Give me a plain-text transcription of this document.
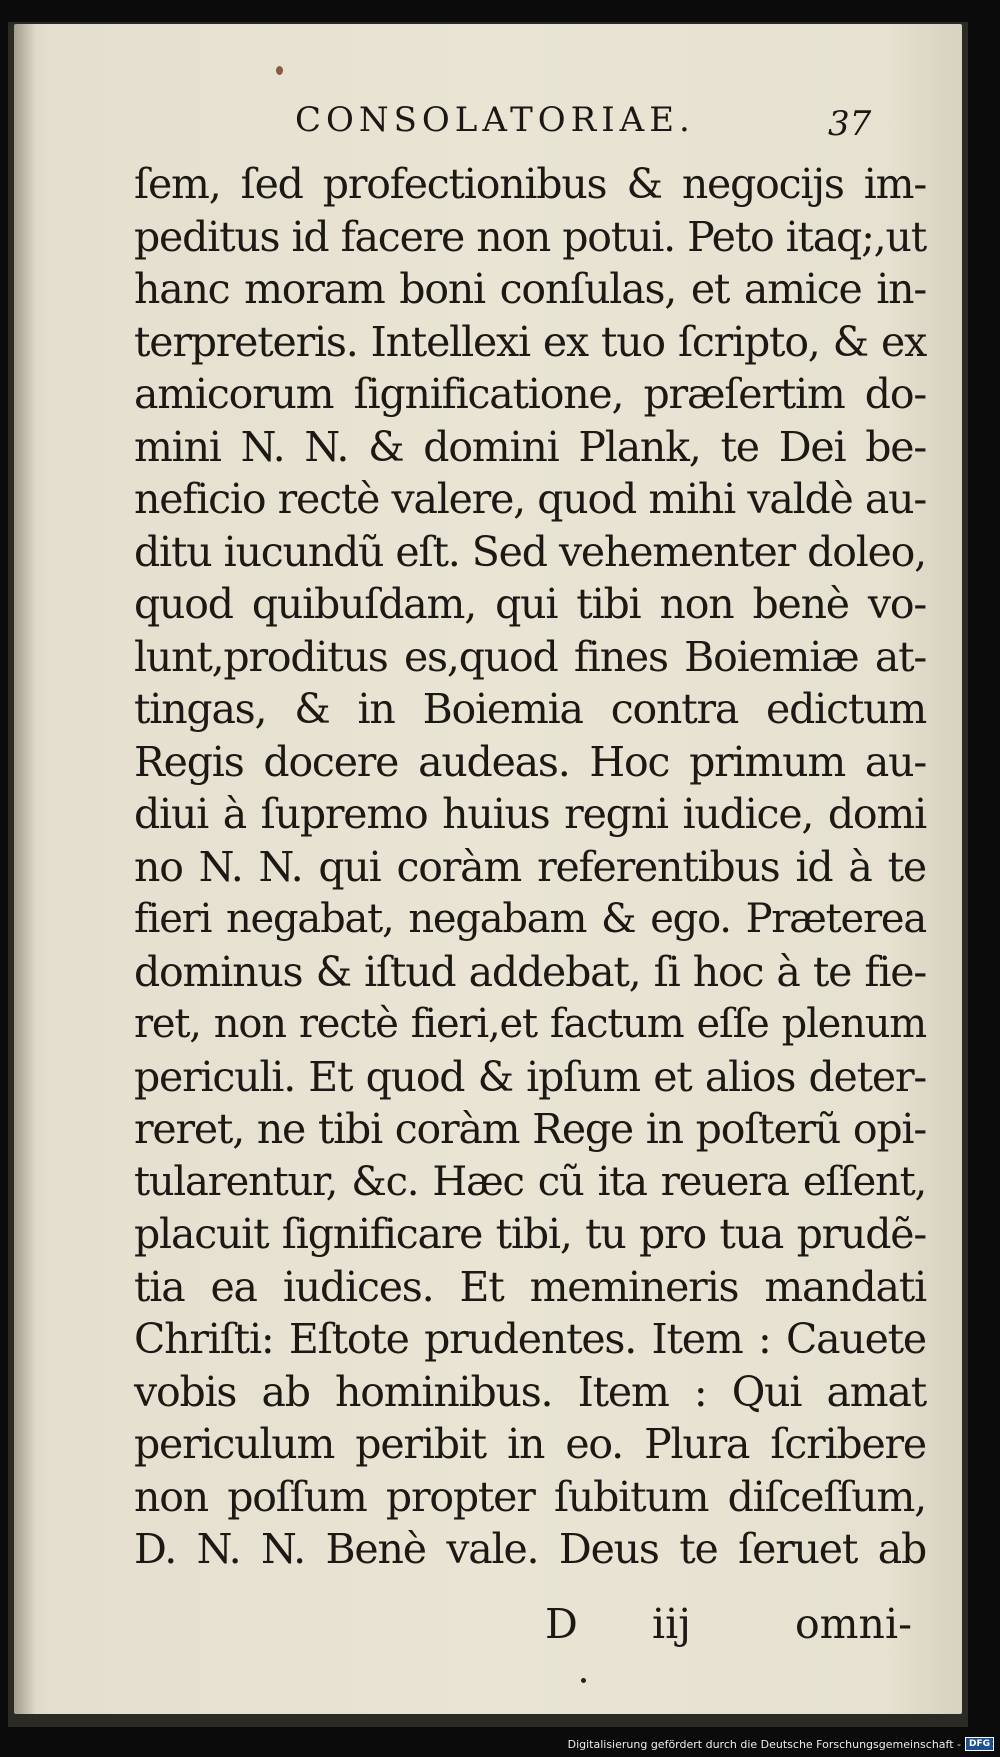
CONSOLATORIAE.	37
ſem, ſed profectionibus & negocijs im-
peditus id facere non potui. Peto itaq;,ut
hanc moram boni conſulas, et amice in-
terpreteris. Intellexi ex tuo ſcripto, & ex
amicorum ſignificatione, præſertim do-
mini N. N. & domini Plank, te Dei be-
neficio rectè valere, quod mihi valdè au-
ditu iucundũ eſt. Sed vehementer doleo,
quod quibuſdam, qui tibi non benè vo-
lunt,proditus es,quod fines Boiemiæ at-
tingas, & in Boiemia contra edictum
Regis docere audeas. Hoc primum au-
diui à ſupremo huius regni iudice, domi
no N. N. qui coràm referentibus id à te
fieri negabat, negabam & ego. Præterea
dominus & iſtud addebat, ſi hoc à te fie-
ret, non rectè fieri,et factum eſſe plenum
periculi. Et quod & ipſum et alios deter-
reret, ne tibi coràm Rege in poſterũ opi-
tularentur, &c. Hæc cũ ita reuera eſſent,
placuit ſignificare tibi, tu pro tua prudẽ-
tia ea iudices. Et memineris mandati
Chriſti: Eſtote prudentes. Item : Cauete
vobis ab hominibus. Item : Qui amat
periculum peribit in eo. Plura ſcribere
non poſſum propter ſubitum diſceſſum,
D. N. N. Benè vale. Deus te ſeruet ab
D iij	omni-
Digitalisierung gefördert durch die Deutsche Forschungsgemeinschaft - DFG
